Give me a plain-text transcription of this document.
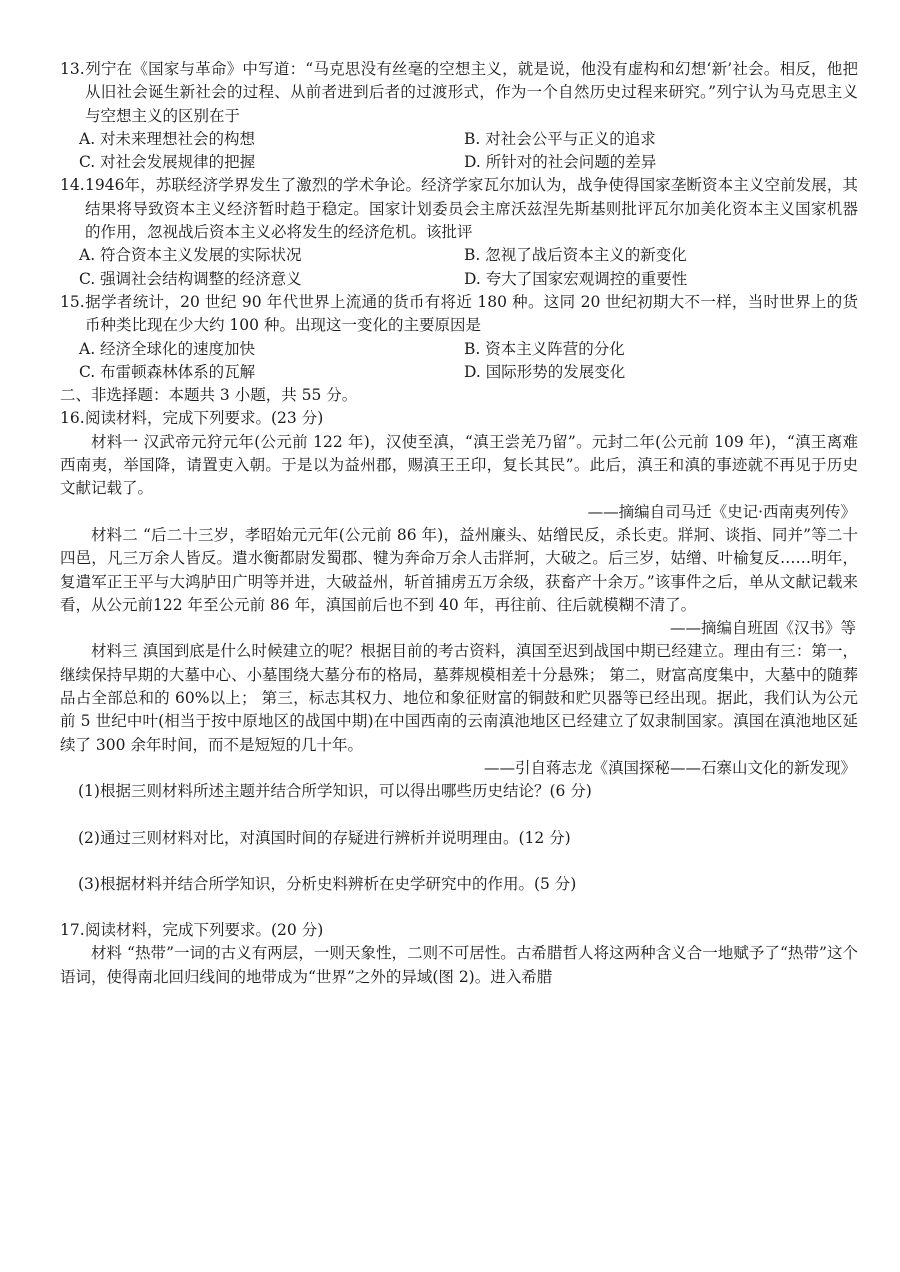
13.列宁在《国家与革命》中写道：“马克思没有丝毫的空想主义，就是说，他没有虚构和幻想‘新’社会。相反，他把从旧社会诞生新社会的过程、从前者进到后者的过渡形式，作为一个自然历史过程来研究。”列宁认为马克思主义与空想主义的区别在于
A. 对未来理想社会的构想	B. 对社会公平与正义的追求
C. 对社会发展规律的把握	D. 所针对的社会问题的差异
14.1946年，苏联经济学界发生了激烈的学术争论。经济学家瓦尔加认为，战争使得国家垄断资本主义空前发展，其结果将导致资本主义经济暂时趋于稳定。国家计划委员会主席沃兹涅先斯基则批评瓦尔加美化资本主义国家机器的作用，忽视战后资本主义必将发生的经济危机。该批评
A. 符合资本主义发展的实际状况	B. 忽视了战后资本主义的新变化
C. 强调社会结构调整的经济意义	D. 夸大了国家宏观调控的重要性
15.据学者统计，20 世纪 90 年代世界上流通的货币有将近 180 种。这同 20 世纪初期大不一样，当时世界上的货币种类比现在少大约 100 种。出现这一变化的主要原因是
A. 经济全球化的速度加快	B. 资本主义阵营的分化
C. 布雷顿森林体系的瓦解	D. 国际形势的发展变化
二、非选择题：本题共 3 小题，共 55 分。
16.阅读材料，完成下列要求。(23 分)

材料一 汉武帝元狩元年(公元前 122 年)，汉使至滇，“滇王尝羌乃留”。元封二年(公元前 109 年)，“滇王离难西南夷，举国降，请置吏入朝。于是以为益州郡，赐滇王王印，复长其民”。此后，滇王和滇的事迹就不再见于历史文献记载了。

——摘编自司马迁《史记·西南夷列传》

材料二 “后二十三岁，孝昭始元元年(公元前 86 年)，益州廉头、姑缯民反，杀长吏。牂牁、谈指、同并”等二十四邑，凡三万余人皆反。遣水衡都尉发蜀郡、犍为奔命万余人击牂牁，大破之。后三岁，姑缯、叶榆复反……明年，复遣军正王平与大鸿胪田广明等并进，大破益州，斩首捕虏五万余级，获畜产十余万。”该事件之后，单从文献记载来看，从公元前122 年至公元前 86 年，滇国前后也不到 40 年，再往前、往后就模糊不清了。

——摘编自班固《汉书》等

材料三 滇国到底是什么时候建立的呢？根据目前的考古资料，滇国至迟到战国中期已经建立。理由有三：第一，继续保持早期的大墓中心、小墓围绕大墓分布的格局，墓葬规模相差十分悬殊； 第二，财富高度集中，大墓中的随葬品占全部总和的 60%以上； 第三，标志其权力、地位和象征财富的铜鼓和贮贝器等已经出现。据此，我们认为公元前 5 世纪中叶(相当于按中原地区的战国中期)在中国西南的云南滇池地区已经建立了奴隶制国家。滇国在滇池地区延续了 300 余年时间，而不是短短的几十年。

——引自蒋志龙《滇国探秘——石寨山文化的新发现》

(1)根据三则材料所述主题并结合所学知识，可以得出哪些历史结论？(6 分)

(2)通过三则材料对比，对滇国时间的存疑进行辨析并说明理由。(12 分)

(3)根据材料并结合所学知识，分析史料辨析在史学研究中的作用。(5 分)

17.阅读材料，完成下列要求。(20 分)

材料 “热带”一词的古义有两层，一则天象性，二则不可居性。古希腊哲人将这两种含义合一地赋予了“热带”这个语词，使得南北回归线间的地带成为“世界”之外的异域(图 2)。进入希腊
